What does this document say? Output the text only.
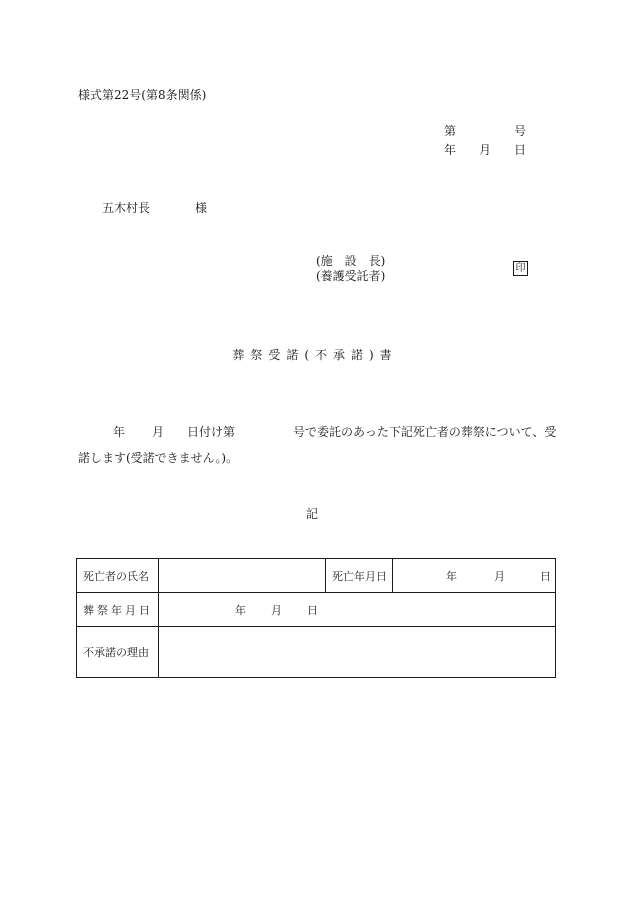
様式第22号(第8条関係)
第	号
年 月 日
五木村長	様
(施　設　長)
(養護受託者)
印
葬祭受諾(不承諾)書
年 月 日付け第	号で委託のあった下記死亡者の葬祭について、受
諾します(受諾できません。)。
記
死亡者の氏名		死亡年月日	年 月 日
葬祭年月日	年 月 日		
不承諾の理由			
